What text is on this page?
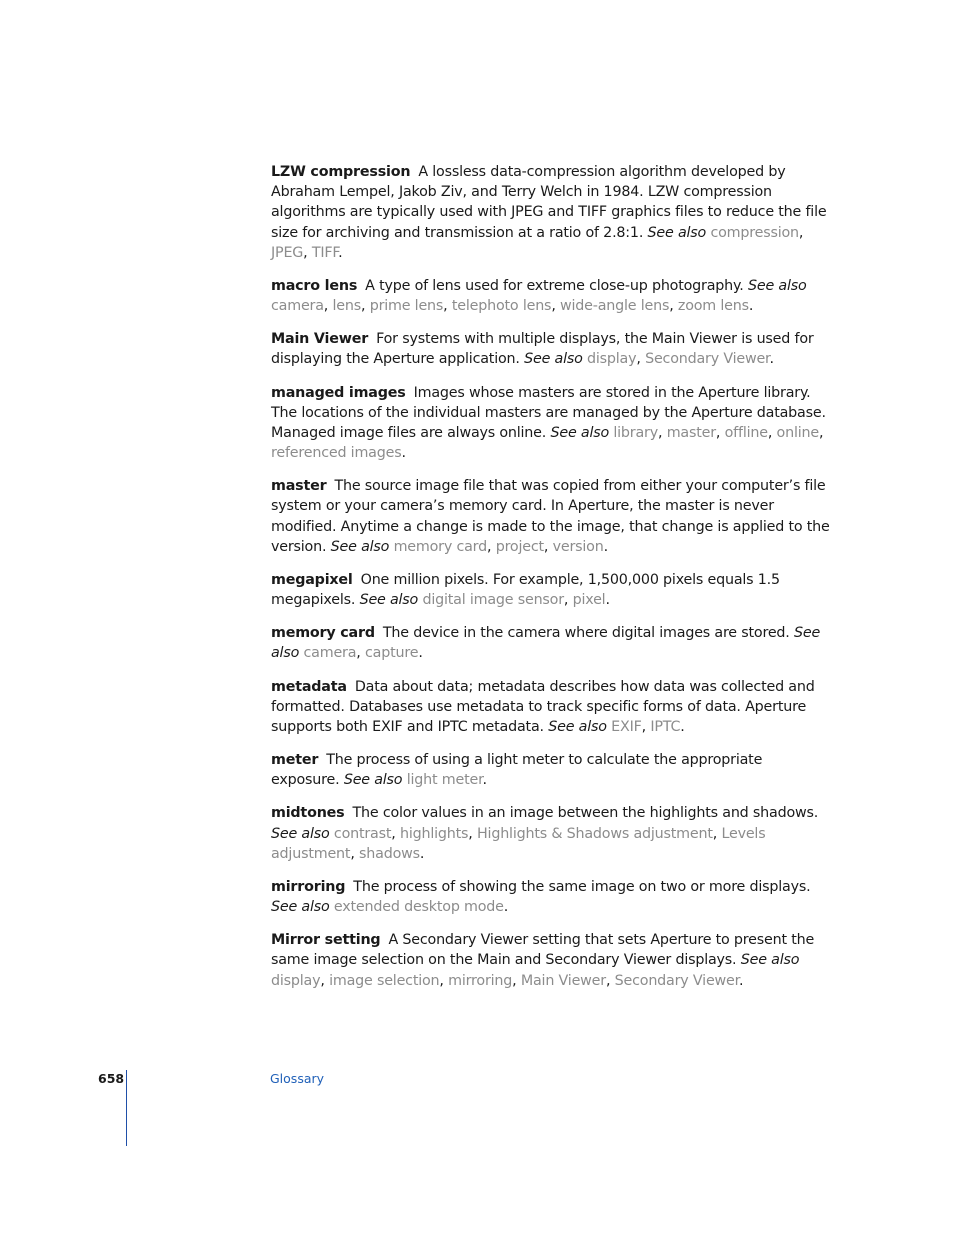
LZW compression A lossless data-compression algorithm developed by Abraham Lempel, Jakob Ziv, and Terry Welch in 1984. LZW compression algorithms are typically used with JPEG and TIFF graphics files to reduce the file size for archiving and transmission at a ratio of 2.8:1. See also compression, JPEG, TIFF.

macro lens A type of lens used for extreme close-up photography. See also camera, lens, prime lens, telephoto lens, wide-angle lens, zoom lens.

Main Viewer For systems with multiple displays, the Main Viewer is used for displaying the Aperture application. See also display, Secondary Viewer.

managed images Images whose masters are stored in the Aperture library. The locations of the individual masters are managed by the Aperture database. Managed image files are always online. See also library, master, offline, online, referenced images.

master The source image file that was copied from either your computer’s file system or your camera’s memory card. In Aperture, the master is never modified. Anytime a change is made to the image, that change is applied to the version. See also memory card, project, version.

megapixel One million pixels. For example, 1,500,000 pixels equals 1.5 megapixels. See also digital image sensor, pixel.

memory card The device in the camera where digital images are stored. See also camera, capture.

metadata Data about data; metadata describes how data was collected and formatted. Databases use metadata to track specific forms of data. Aperture supports both EXIF and IPTC metadata. See also EXIF, IPTC.

meter The process of using a light meter to calculate the appropriate exposure. See also light meter.

midtones The color values in an image between the highlights and shadows. See also contrast, highlights, Highlights & Shadows adjustment, Levels adjustment, shadows.

mirroring The process of showing the same image on two or more displays. See also extended desktop mode.

Mirror setting A Secondary Viewer setting that sets Aperture to present the same image selection on the Main and Secondary Viewer displays. See also display, image selection, mirroring, Main Viewer, Secondary Viewer.

658	Glossary
